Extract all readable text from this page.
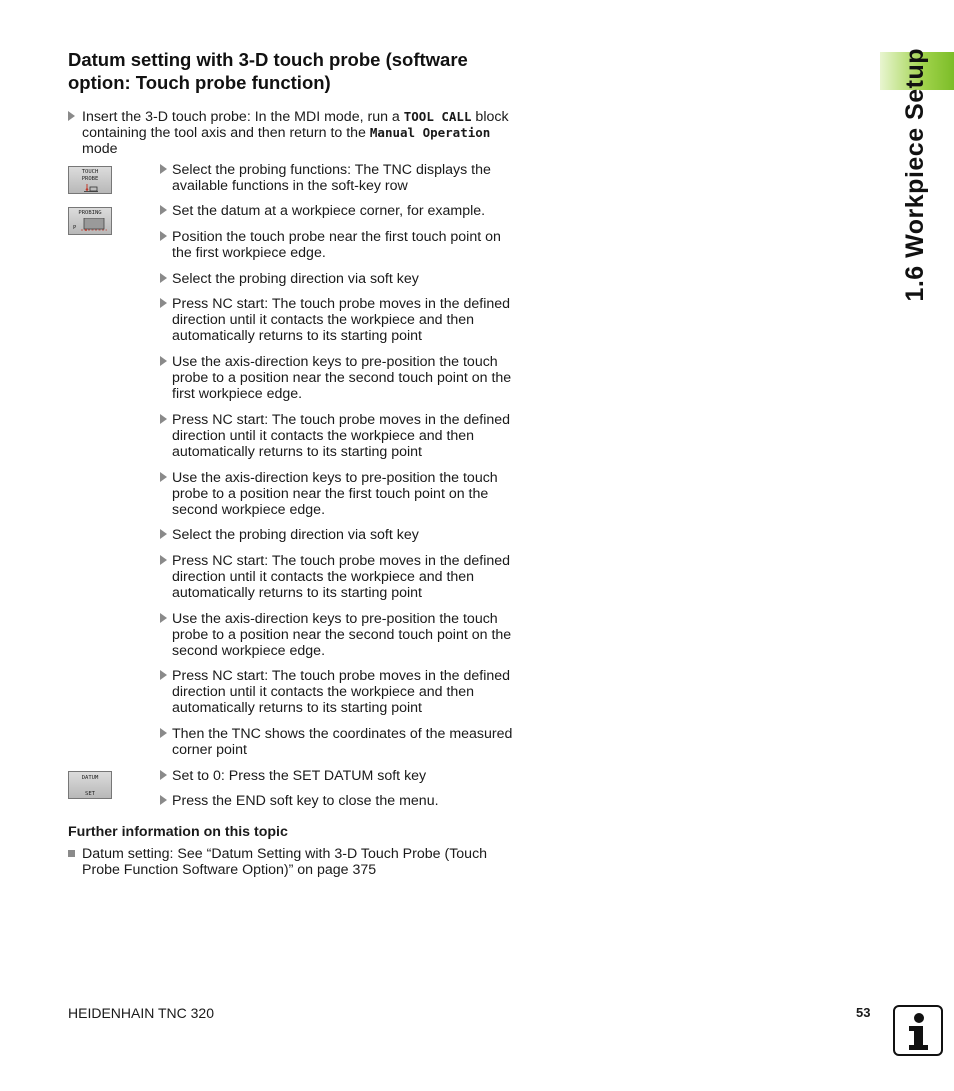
Datum setting with 3-D touch probe (software option: Touch probe function)
Insert the 3-D touch probe: In the MDI mode, run a TOOL CALL block containing the tool axis and then return to the Manual Operation mode
TOUCH
PROBE
PROBING
P
DATUM
SET
Select the probing functions: The TNC displays the available functions in the soft-key row
Set the datum at a workpiece corner, for example.
Position the touch probe near the first touch point on the first workpiece edge.
Select the probing direction via soft key
Press NC start: The touch probe moves in the defined direction until it contacts the workpiece and then automatically returns to its starting point
Use the axis-direction keys to pre-position the touch probe to a position near the second touch point on the first workpiece edge.
Press NC start: The touch probe moves in the defined direction until it contacts the workpiece and then automatically returns to its starting point
Use the axis-direction keys to pre-position the touch probe to a position near the first touch point on the second workpiece edge.
Select the probing direction via soft key
Press NC start: The touch probe moves in the defined direction until it contacts the workpiece and then automatically returns to its starting point
Use the axis-direction keys to pre-position the touch probe to a position near the second touch point on the second workpiece edge.
Press NC start: The touch probe moves in the defined direction until it contacts the workpiece and then automatically returns to its starting point
Then the TNC shows the coordinates of the measured corner point
Set to 0: Press the SET DATUM soft key
Press the END soft key to close the menu.
Further information on this topic
Datum setting: See “Datum Setting with 3-D Touch Probe (Touch Probe Function Software Option)” on page 375
1.6 Workpiece Setup
HEIDENHAIN TNC 320	53
